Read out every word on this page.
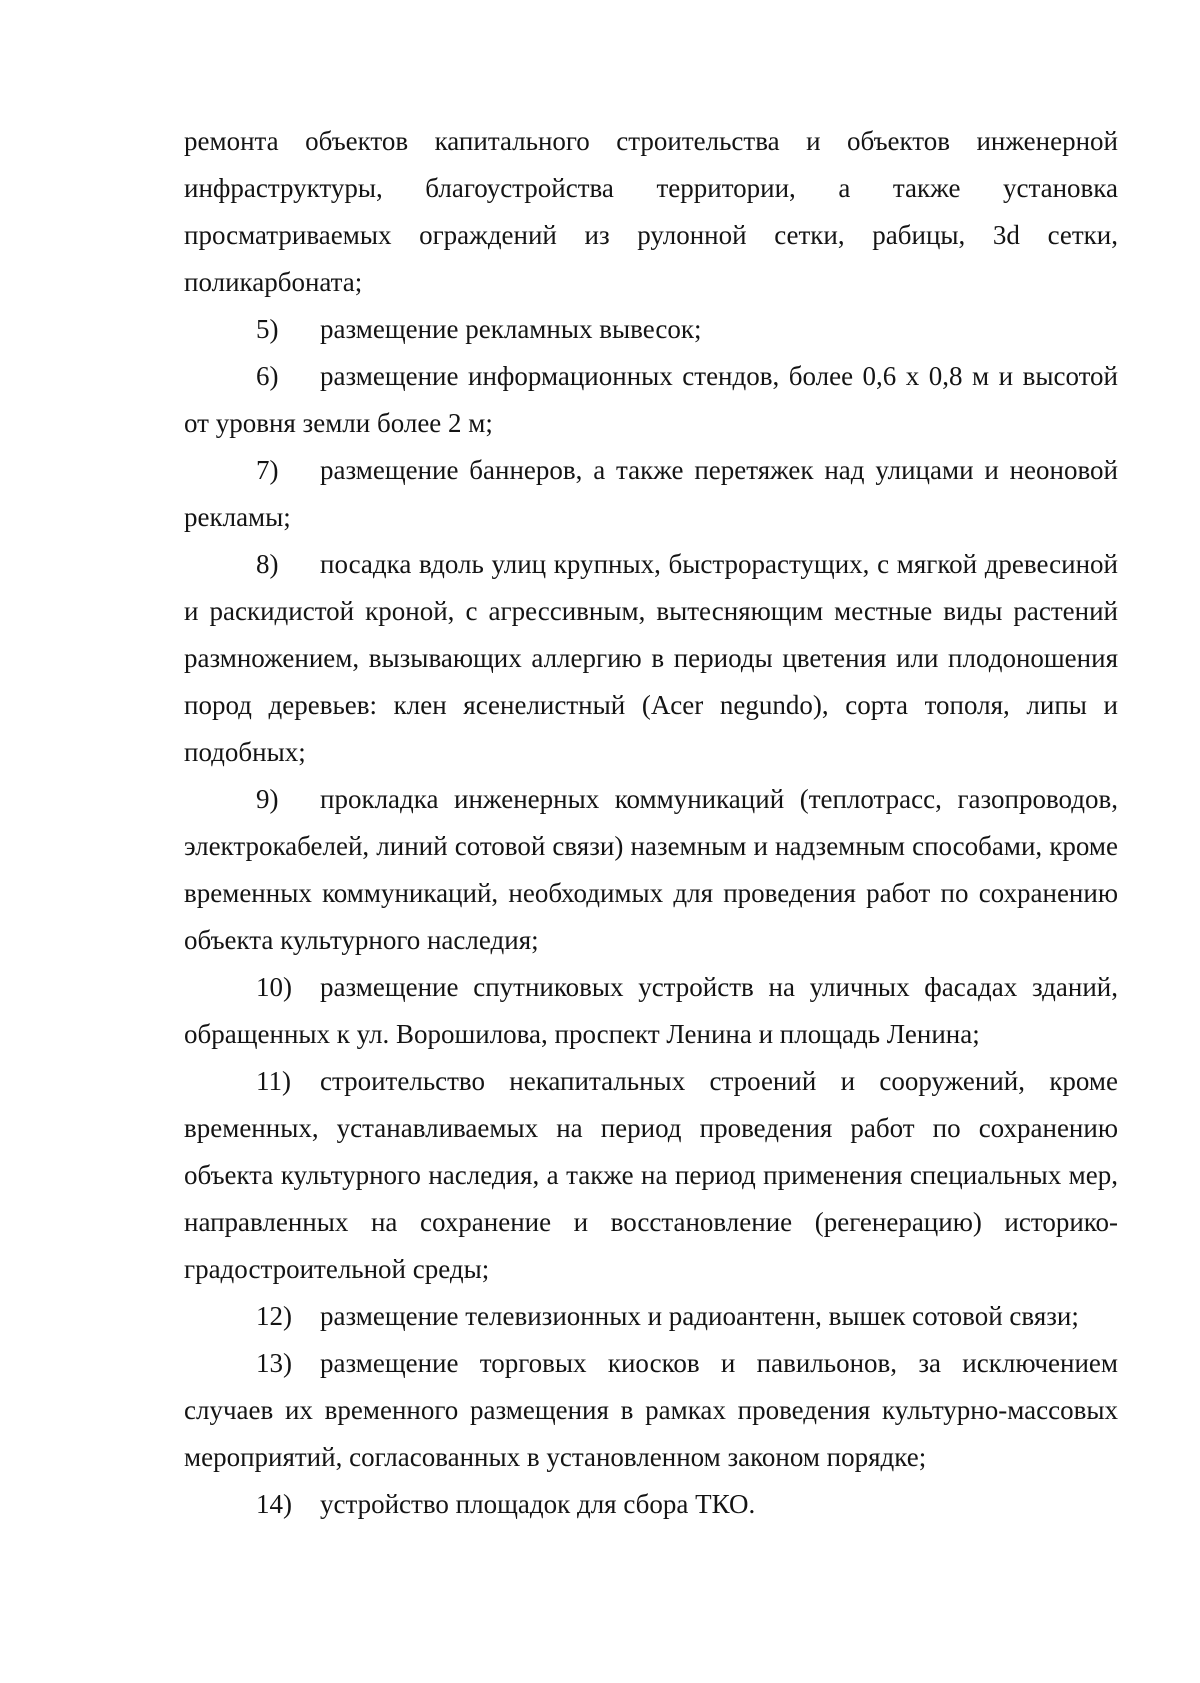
ремонта объектов капитального строительства и объектов инженерной инфраструктуры, благоустройства территории, а также установка просматриваемых ограждений из рулонной сетки, рабицы, 3d сетки, поликарбоната;

5) размещение рекламных вывесок;

6) размещение информационных стендов, более 0,6 х 0,8 м и высотой от уровня земли более 2 м;

7) размещение баннеров, а также перетяжек над улицами и неоновой рекламы;

8) посадка вдоль улиц крупных, быстрорастущих, с мягкой древесиной и раскидистой кроной, с агрессивным, вытесняющим местные виды растений размножением, вызывающих аллергию в периоды цветения или плодоношения пород деревьев: клен ясенелистный (Acer negundo), сорта тополя, липы и подобных;

9) прокладка инженерных коммуникаций (теплотрасс, газопроводов, электрокабелей, линий сотовой связи) наземным и надземным способами, кроме временных коммуникаций, необходимых для проведения работ по сохранению объекта культурного наследия;

10) размещение спутниковых устройств на уличных фасадах зданий, обращенных к ул. Ворошилова, проспект Ленина и площадь Ленина;

11) строительство некапитальных строений и сооружений, кроме временных, устанавливаемых на период проведения работ по сохранению объекта культурного наследия, а также на период применения специальных мер, направленных на сохранение и восстановление (регенерацию) историко-градостроительной среды;

12) размещение телевизионных и радиоантенн, вышек сотовой связи;

13) размещение торговых киосков и павильонов, за исключением случаев их временного размещения в рамках проведения культурно-массовых мероприятий, согласованных в установленном законом порядке;

14) устройство площадок для сбора ТКО.
